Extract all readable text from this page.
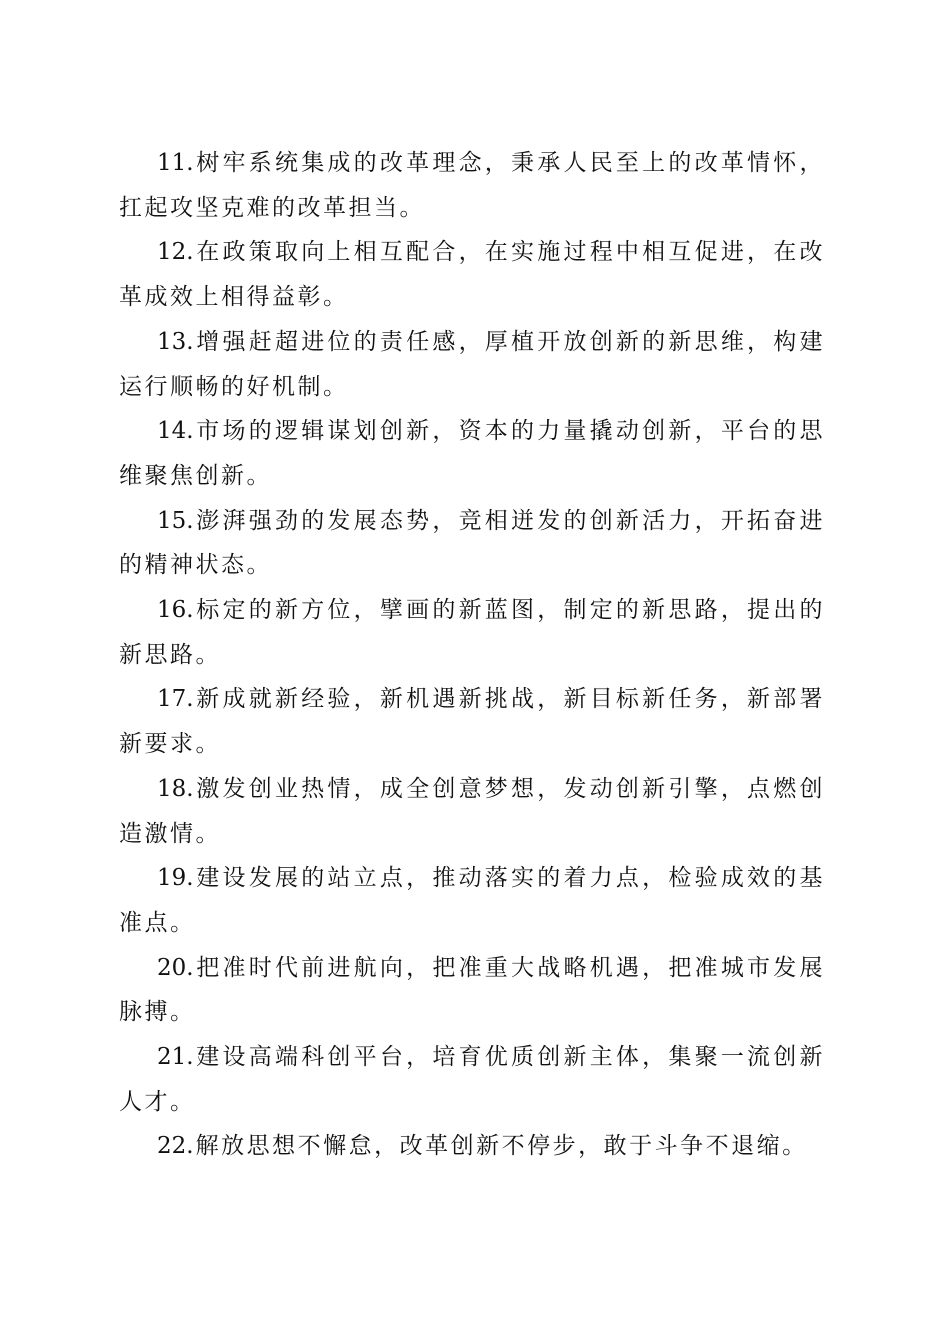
11.树牢系统集成的改革理念，秉承人民至上的改革情怀，扛起攻坚克难的改革担当。

12.在政策取向上相互配合，在实施过程中相互促进，在改革成效上相得益彰。

13.增强赶超进位的责任感，厚植开放创新的新思维，构建运行顺畅的好机制。

14.市场的逻辑谋划创新，资本的力量撬动创新，平台的思维聚焦创新。

15.澎湃强劲的发展态势，竞相迸发的创新活力，开拓奋进的精神状态。

16.标定的新方位，擘画的新蓝图，制定的新思路，提出的新思路。

17.新成就新经验，新机遇新挑战，新目标新任务，新部署新要求。

18.激发创业热情，成全创意梦想，发动创新引擎，点燃创造激情。

19.建设发展的站立点，推动落实的着力点，检验成效的基准点。

20.把准时代前进航向，把准重大战略机遇，把准城市发展脉搏。

21.建设高端科创平台，培育优质创新主体，集聚一流创新人才。

22.解放思想不懈怠，改革创新不停步，敢于斗争不退缩。
